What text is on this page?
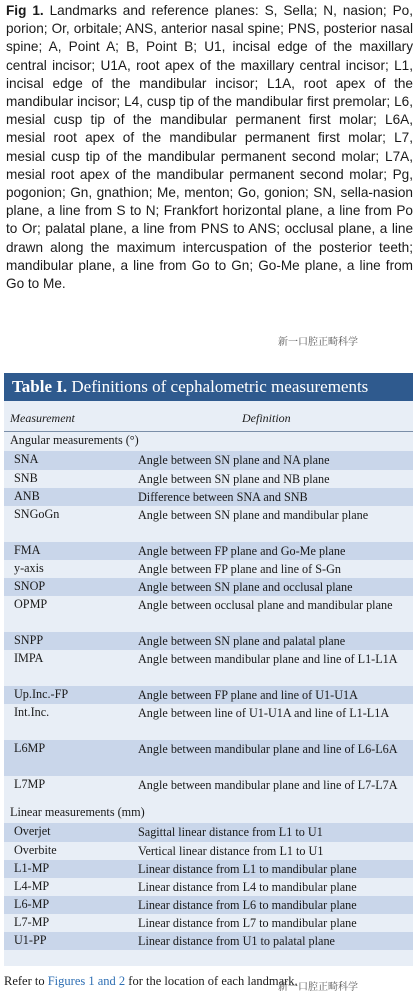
Fig 1. Landmarks and reference planes: S, Sella; N, nasion; Po, porion; Or, orbitale; ANS, anterior nasal spine; PNS, posterior nasal spine; A, Point A; B, Point B; U1, incisal edge of the maxillary central incisor; U1A, root apex of the maxillary central incisor; L1, incisal edge of the mandibular incisor; L1A, root apex of the mandibular incisor; L4, cusp tip of the mandibular first premolar; L6, mesial cusp tip of the mandibular permanent first molar; L6A, mesial root apex of the mandibular permanent first molar; L7, mesial cusp tip of the mandibular permanent second molar; L7A, mesial root apex of the mandibular permanent second molar; Pg, pogonion; Gn, gnathion; Me, menton; Go, gonion; SN, sella-nasion plane, a line from S to N; Frankfort horizontal plane, a line from Po to Or; palatal plane, a line from PNS to ANS; occlusal plane, a line drawn along the maximum intercuspation of the posterior teeth; mandibular plane, a line from Go to Gn; Go-Me plane, a line from Go to Me.
新一口腔正畸科学
Table I. Definitions of cephalometric measurements
Measurement	Definition
Angular measurements (°)
SNA	Angle between SN plane and NA plane
SNB	Angle between SN plane and NB plane
ANB	Difference between SNA and SNB
SNGoGn	Angle between SN plane and mandibular plane
FMA	Angle between FP plane and Go-Me plane
y-axis	Angle between FP plane and line of S-Gn
SNOP	Angle between SN plane and occlusal plane
OPMP	Angle between occlusal plane and mandibular plane
SNPP	Angle between SN plane and palatal plane
IMPA	Angle between mandibular plane and line of L1-L1A
Up.Inc.-FP	Angle between FP plane and line of U1-U1A
Int.Inc.	Angle between line of U1-U1A and line of L1-L1A
L6MP	Angle between mandibular plane and line of L6-L6A
L7MP	Angle between mandibular plane and line of L7-L7A
Linear measurements (mm)
Overjet	Sagittal linear distance from L1 to U1
Overbite	Vertical linear distance from L1 to U1
L1-MP	Linear distance from L1 to mandibular plane
L4-MP	Linear distance from L4 to mandibular plane
L6-MP	Linear distance from L6 to mandibular plane
L7-MP	Linear distance from L7 to mandibular plane
U1-PP	Linear distance from U1 to palatal plane
Refer to Figures 1 and 2 for the location of each landmark.
新一口腔正畸科学
